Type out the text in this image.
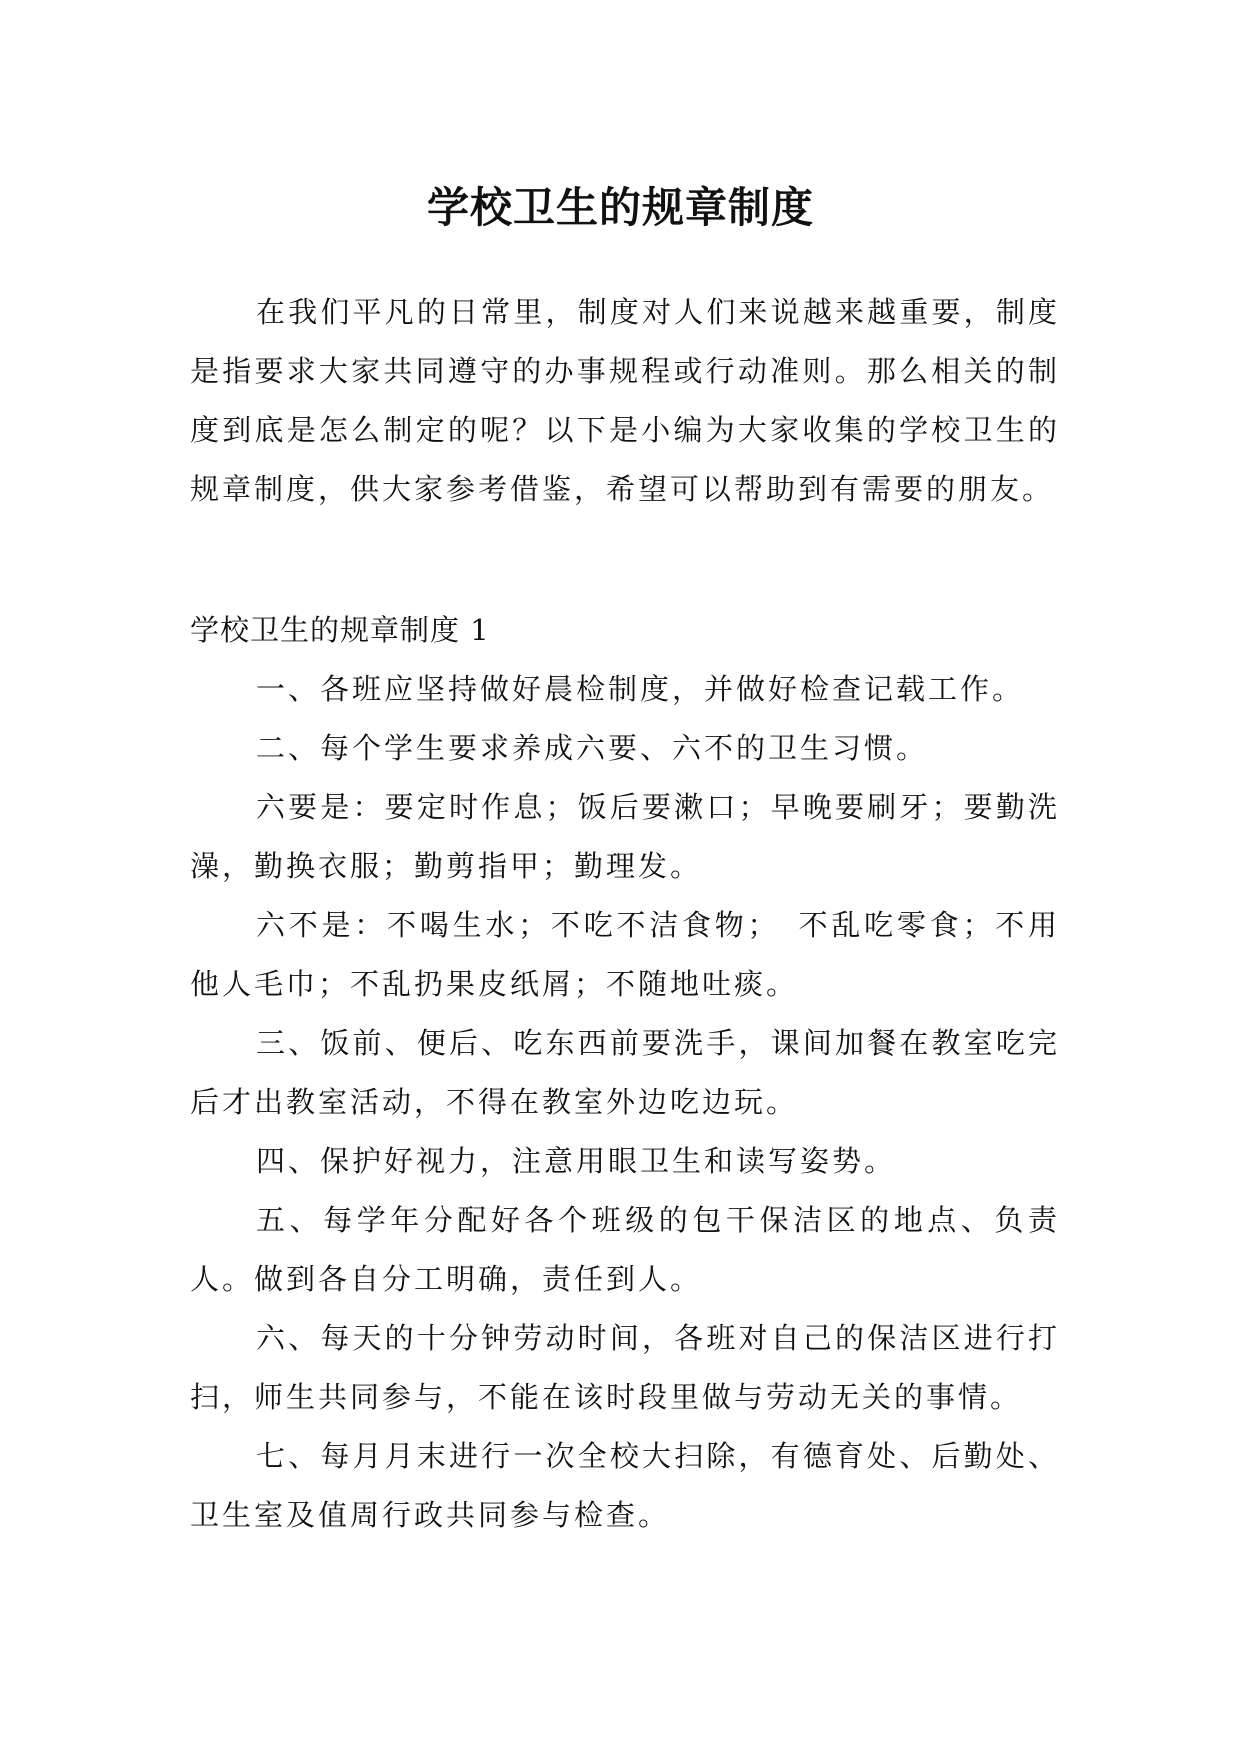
学校卫生的规章制度

在我们平凡的日常里，制度对人们来说越来越重要，制度是指要求大家共同遵守的办事规程或行动准则。那么相关的制度到底是怎么制定的呢？以下是小编为大家收集的学校卫生的规章制度，供大家参考借鉴，希望可以帮助到有需要的朋友。

学校卫生的规章制度 1

一、各班应坚持做好晨检制度，并做好检查记载工作。

二、每个学生要求养成六要、六不的卫生习惯。

六要是：要定时作息；饭后要漱口；早晚要刷牙；要勤洗澡，勤换衣服；勤剪指甲；勤理发。

六不是：不喝生水；不吃不洁食物；　不乱吃零食；不用他人毛巾；不乱扔果皮纸屑；不随地吐痰。

三、饭前、便后、吃东西前要洗手，课间加餐在教室吃完后才出教室活动，不得在教室外边吃边玩。

四、保护好视力，注意用眼卫生和读写姿势。

五、每学年分配好各个班级的包干保洁区的地点、负责人。做到各自分工明确，责任到人。

六、每天的十分钟劳动时间，各班对自己的保洁区进行打扫，师生共同参与，不能在该时段里做与劳动无关的事情。

七、每月月末进行一次全校大扫除，有德育处、后勤处、卫生室及值周行政共同参与检查。
